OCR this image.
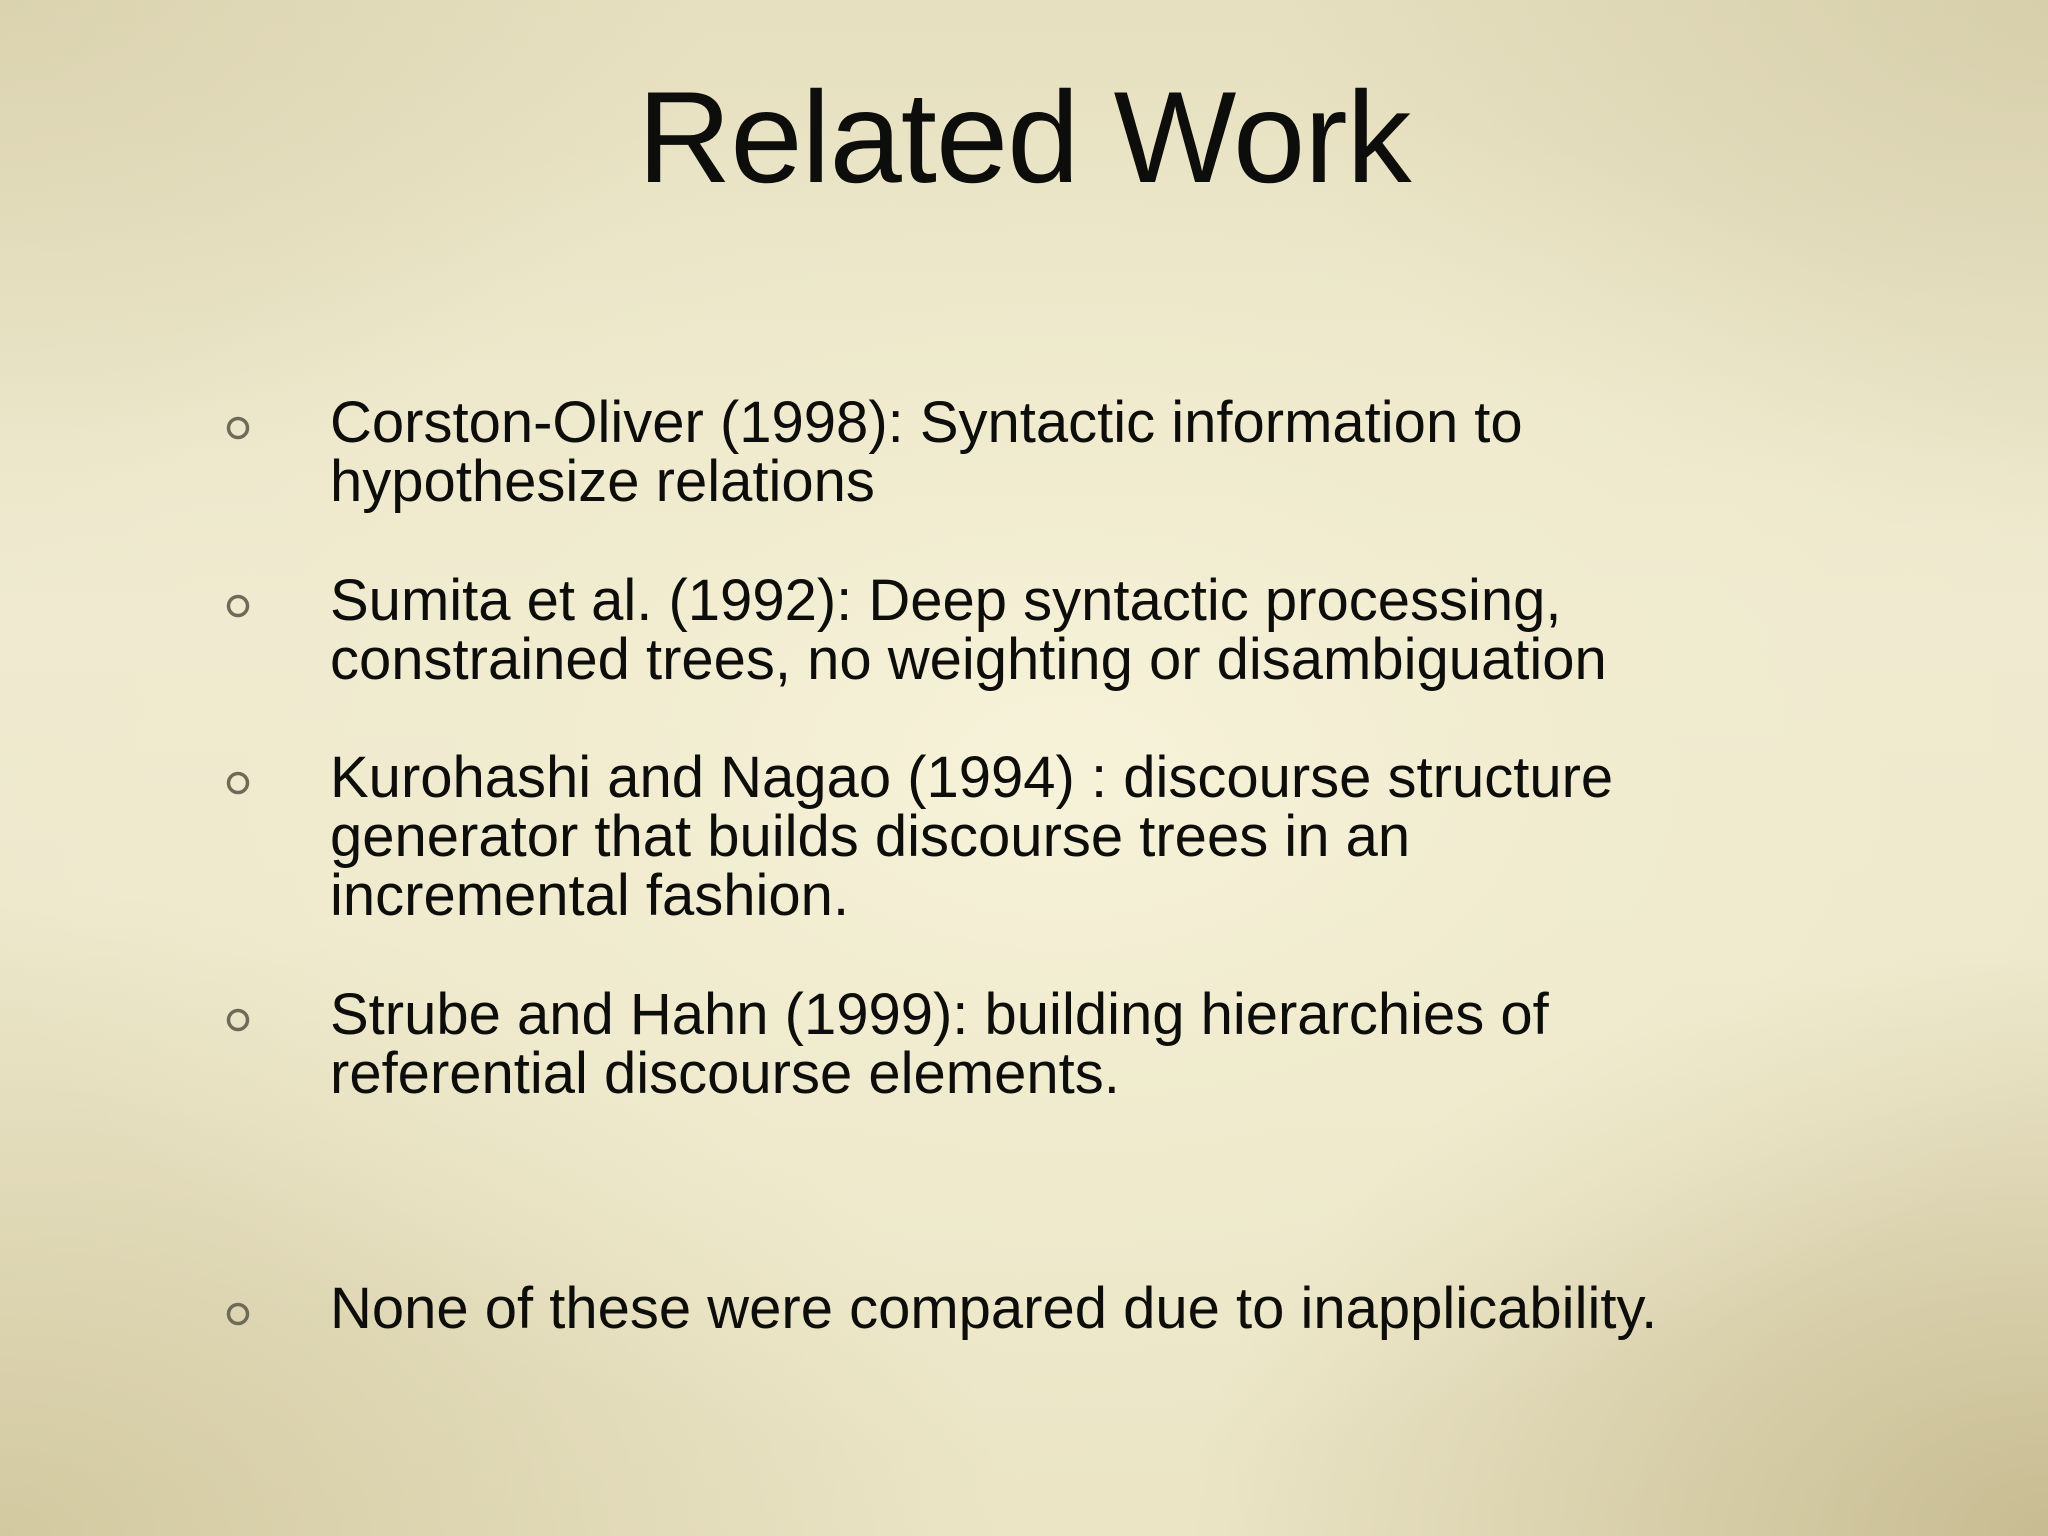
Related Work
Corston-Oliver (1998): Syntactic information to
hypothesize relations
Sumita et al. (1992): Deep syntactic processing,
constrained trees, no weighting or disambiguation
Kurohashi and Nagao (1994) : discourse structure
generator that builds discourse trees in an
incremental fashion.
Strube and Hahn (1999): building hierarchies of
referential discourse elements.
None of these were compared due to inapplicability.
